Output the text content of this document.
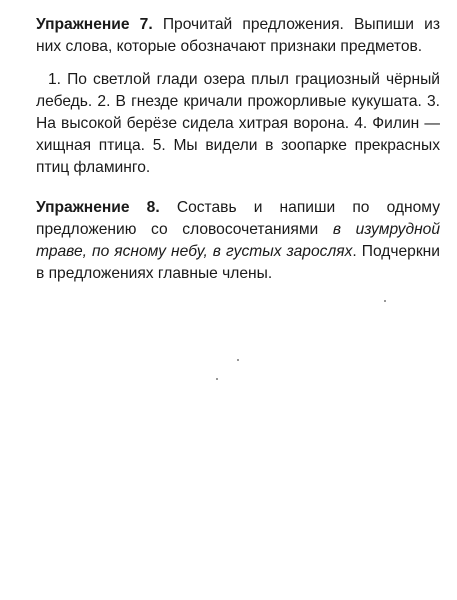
Упражнение 7. Прочитай предложения. Выпиши из них слова, которые обозначают признаки предметов.

1. По светлой глади озера плыл грациозный чёрный лебедь. 2. В гнезде кричали прожорливые кукушата. 3. На высокой берёзе сидела хитрая ворона. 4. Филин — хищная птица. 5. Мы видели в зоопарке прекрасных птиц фламинго.

Упражнение 8. Составь и напиши по одному предложению со словосочетаниями в изумрудной траве, по ясному небу, в густых зарослях. Подчеркни в предложениях главные члены.
